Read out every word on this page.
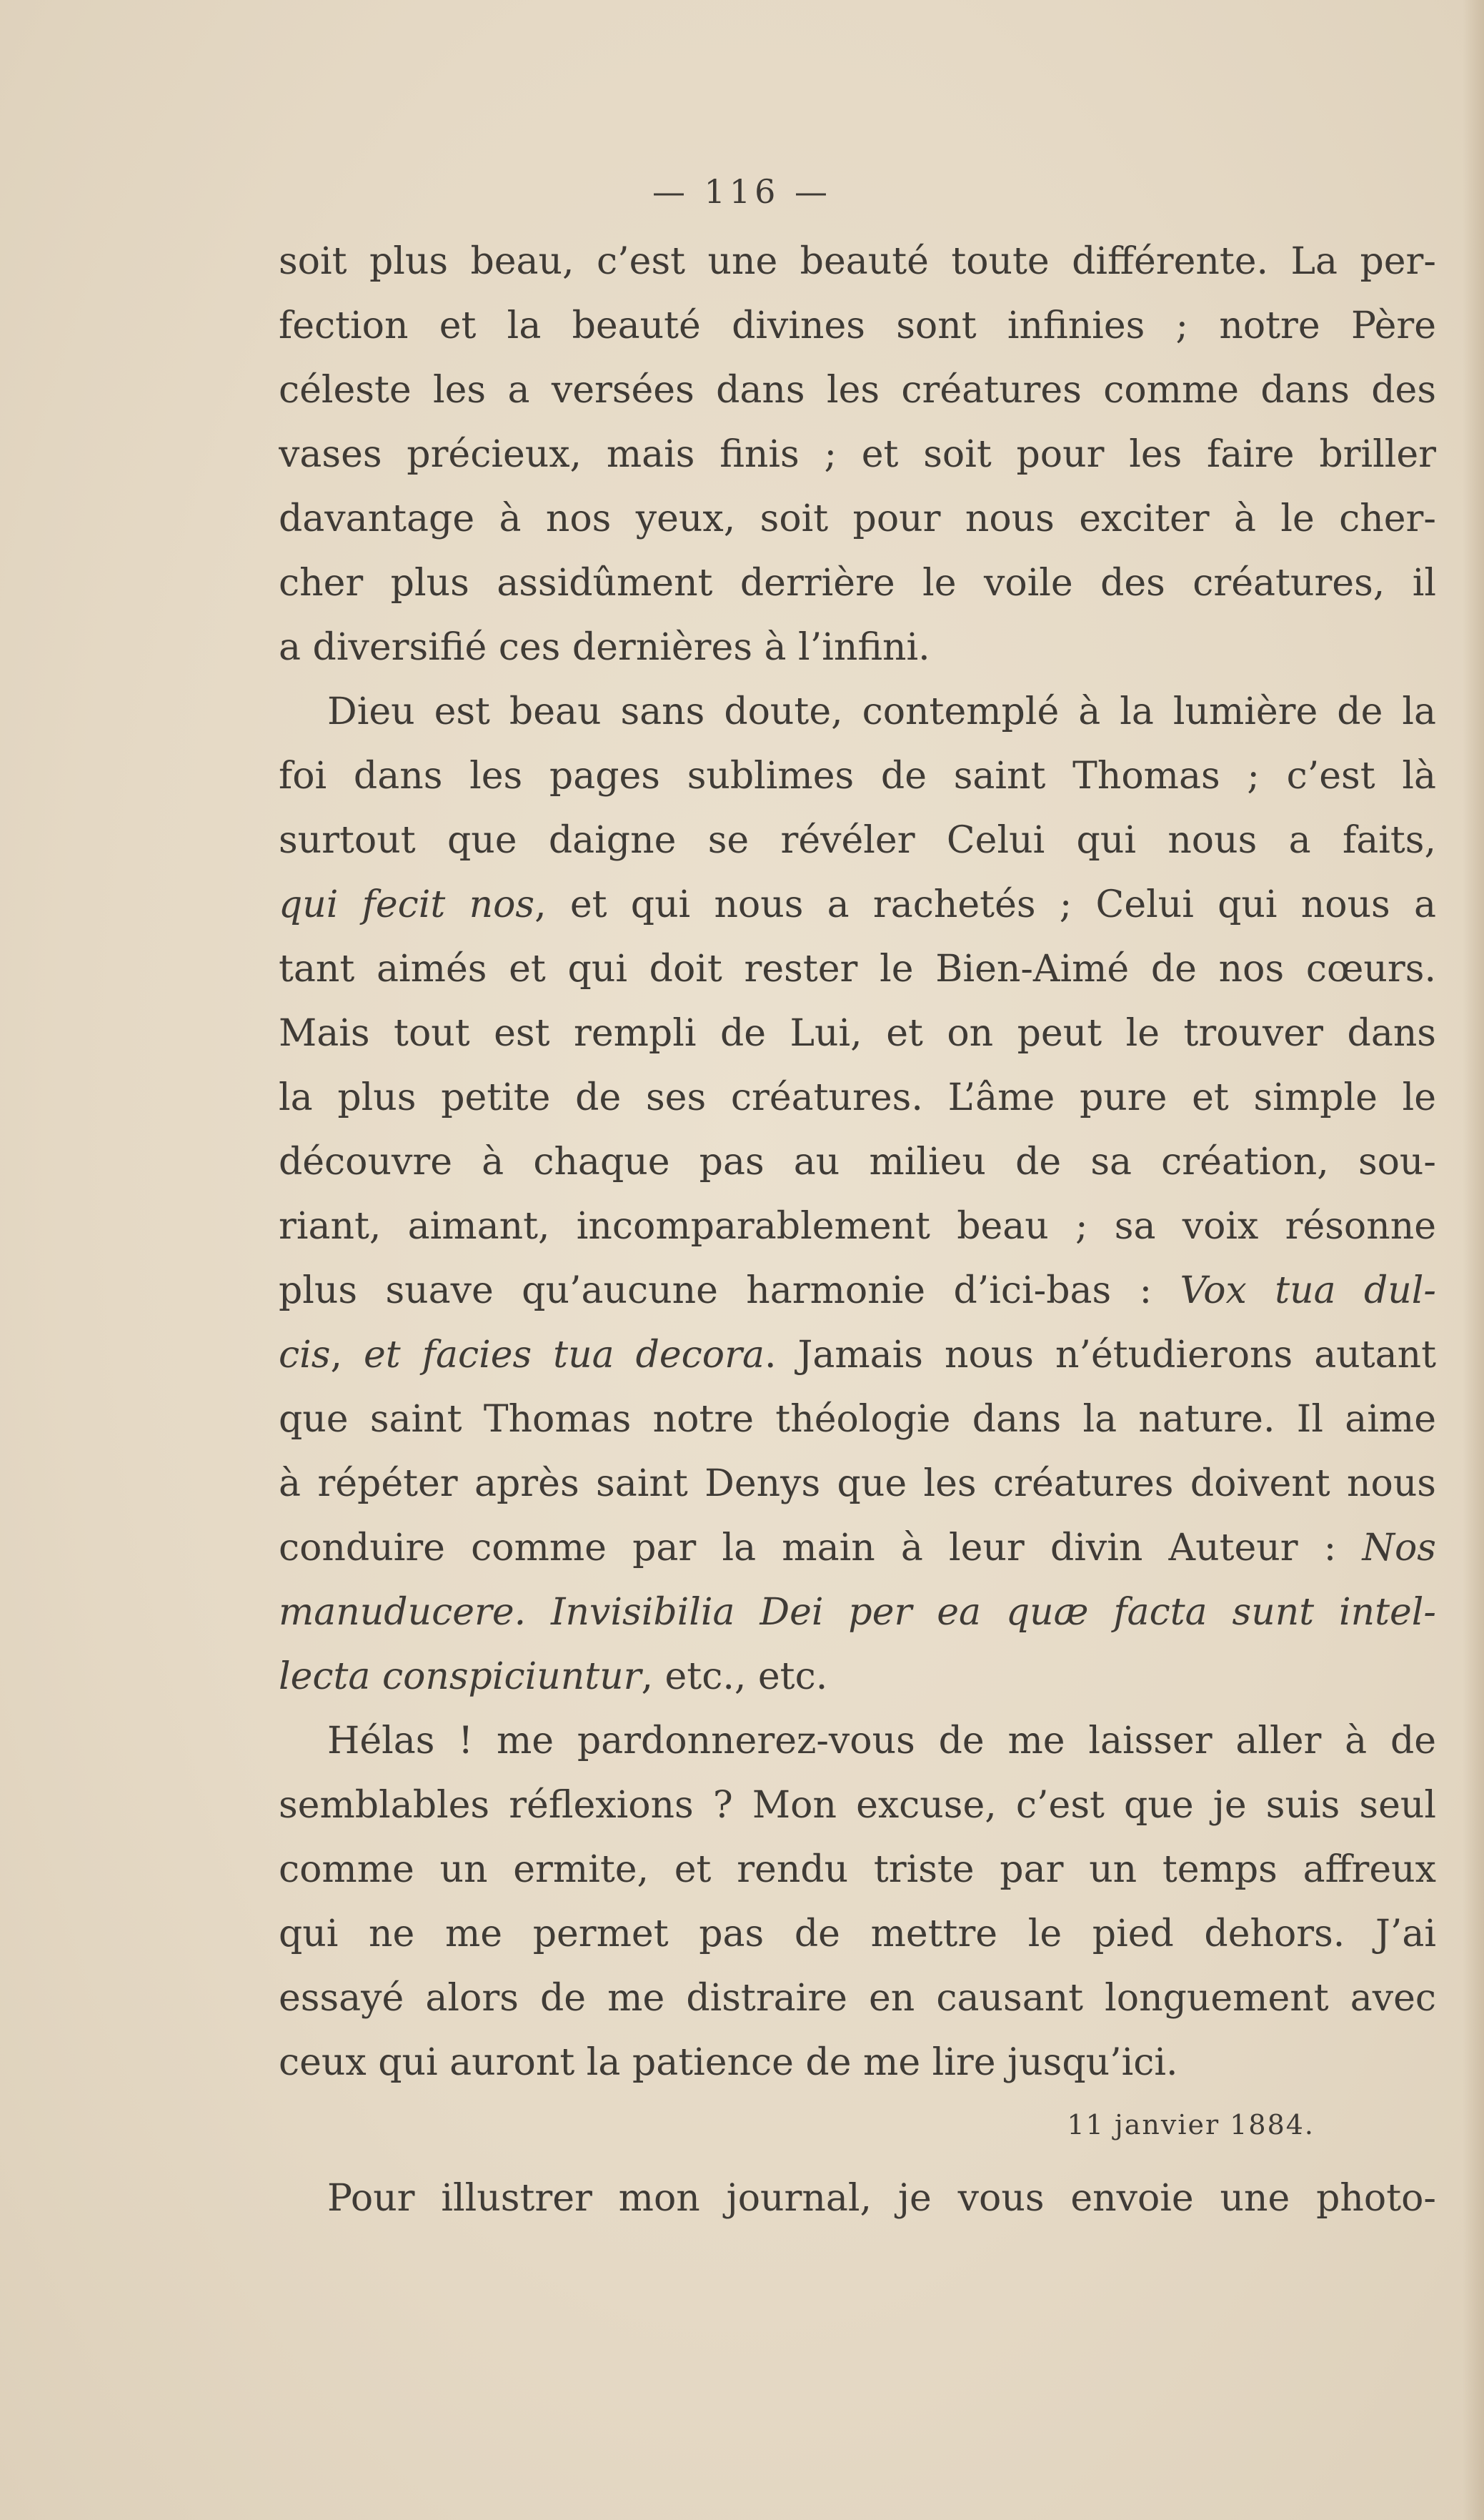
— 116 —
soit plus beau, c’est une beauté toute différente. La per-
fection et la beauté divines sont infinies ; notre Père
céleste les a versées dans les créatures comme dans des
vases précieux, mais finis ; et soit pour les faire briller
davantage à nos yeux, soit pour nous exciter à le cher-
cher plus assidûment derrière le voile des créatures, il
a diversifié ces dernières à l’infini.
Dieu est beau sans doute, contemplé à la lumière de la
foi dans les pages sublimes de saint Thomas ; c’est là
surtout que daigne se révéler Celui qui nous a faits,
qui fecit nos, et qui nous a rachetés ; Celui qui nous a
tant aimés et qui doit rester le Bien-Aimé de nos cœurs.
Mais tout est rempli de Lui, et on peut le trouver dans
la plus petite de ses créatures. L’âme pure et simple le
découvre à chaque pas au milieu de sa création, sou-
riant, aimant, incomparablement beau ; sa voix résonne
plus suave qu’aucune harmonie d’ici-bas : Vox tua dul-
cis, et facies tua decora. Jamais nous n’étudierons autant
que saint Thomas notre théologie dans la nature. Il aime
à répéter après saint Denys que les créatures doivent nous
conduire comme par la main à leur divin Auteur : Nos
manuducere. Invisibilia Dei per ea quæ facta sunt intel-
lecta conspiciuntur, etc., etc.
Hélas ! me pardonnerez-vous de me laisser aller à de
semblables réflexions ? Mon excuse, c’est que je suis seul
comme un ermite, et rendu triste par un temps affreux
qui ne me permet pas de mettre le pied dehors. J’ai
essayé alors de me distraire en causant longuement avec
ceux qui auront la patience de me lire jusqu’ici.
11 janvier 1884.
Pour illustrer mon journal, je vous envoie une photo-
